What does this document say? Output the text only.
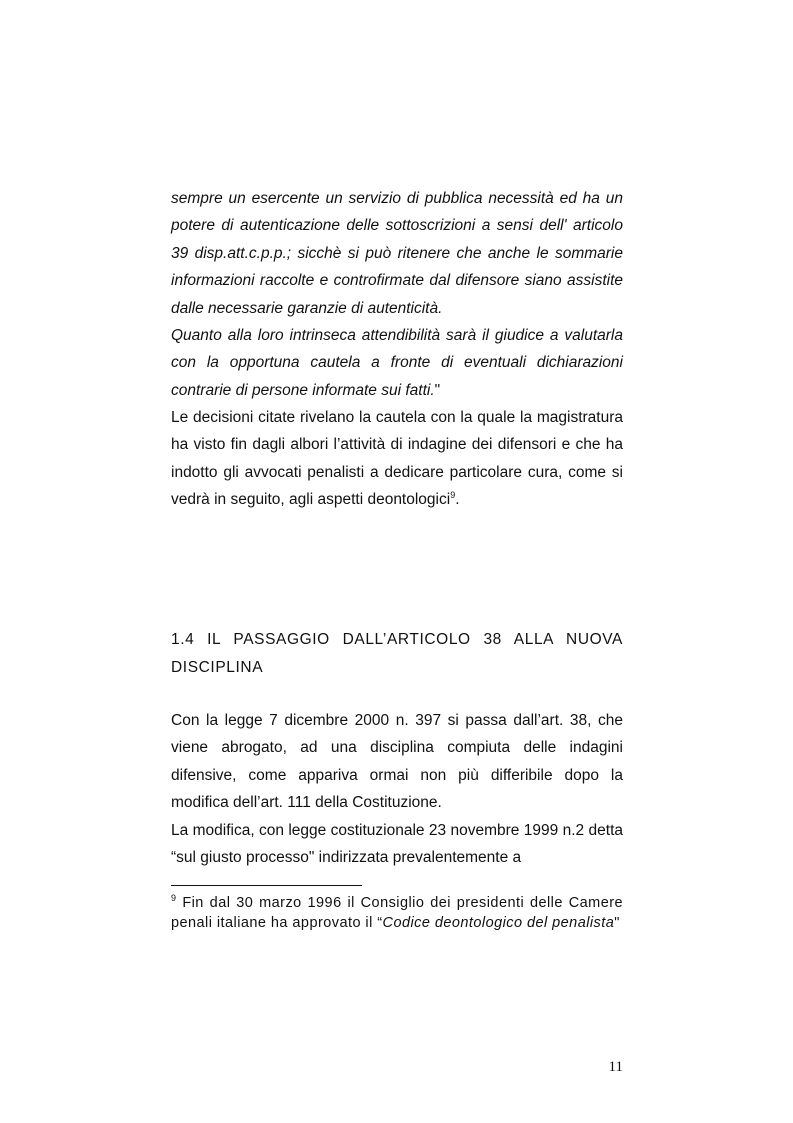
sempre un esercente un servizio di pubblica necessità ed ha un potere di autenticazione delle sottoscrizioni a sensi dell' articolo 39 disp.att.c.p.p.; sicchè si può ritenere che anche le sommarie informazioni raccolte e controfirmate dal difensore siano assistite dalle necessarie garanzie di autenticità.

Quanto alla loro intrinseca attendibilità sarà il giudice a valutarla con la opportuna cautela a fronte di eventuali dichiarazioni contrarie di persone informate sui fatti."

Le decisioni citate rivelano la cautela con la quale la magistratura ha visto fin dagli albori l’attività di indagine dei difensori e che ha indotto gli avvocati penalisti a dedicare particolare cura, come si vedrà in seguito, agli aspetti deontologici$^9$.

1.4 IL PASSAGGIO DALL’ARTICOLO 38 ALLA NUOVA DISCIPLINA

Con la legge 7 dicembre 2000 n. 397 si passa dall’art. 38, che viene abrogato, ad una disciplina compiuta delle indagini difensive, come appariva ormai non più differibile dopo la modifica dell’art. 111 della Costituzione.

La modifica, con legge costituzionale 23 novembre 1999 n.2 detta “sul giusto processo" indirizzata prevalentemente a

$^9$ Fin dal 30 marzo 1996 il Consiglio dei presidenti delle Camere penali italiane ha approvato il “Codice deontologico del penalista"
11
